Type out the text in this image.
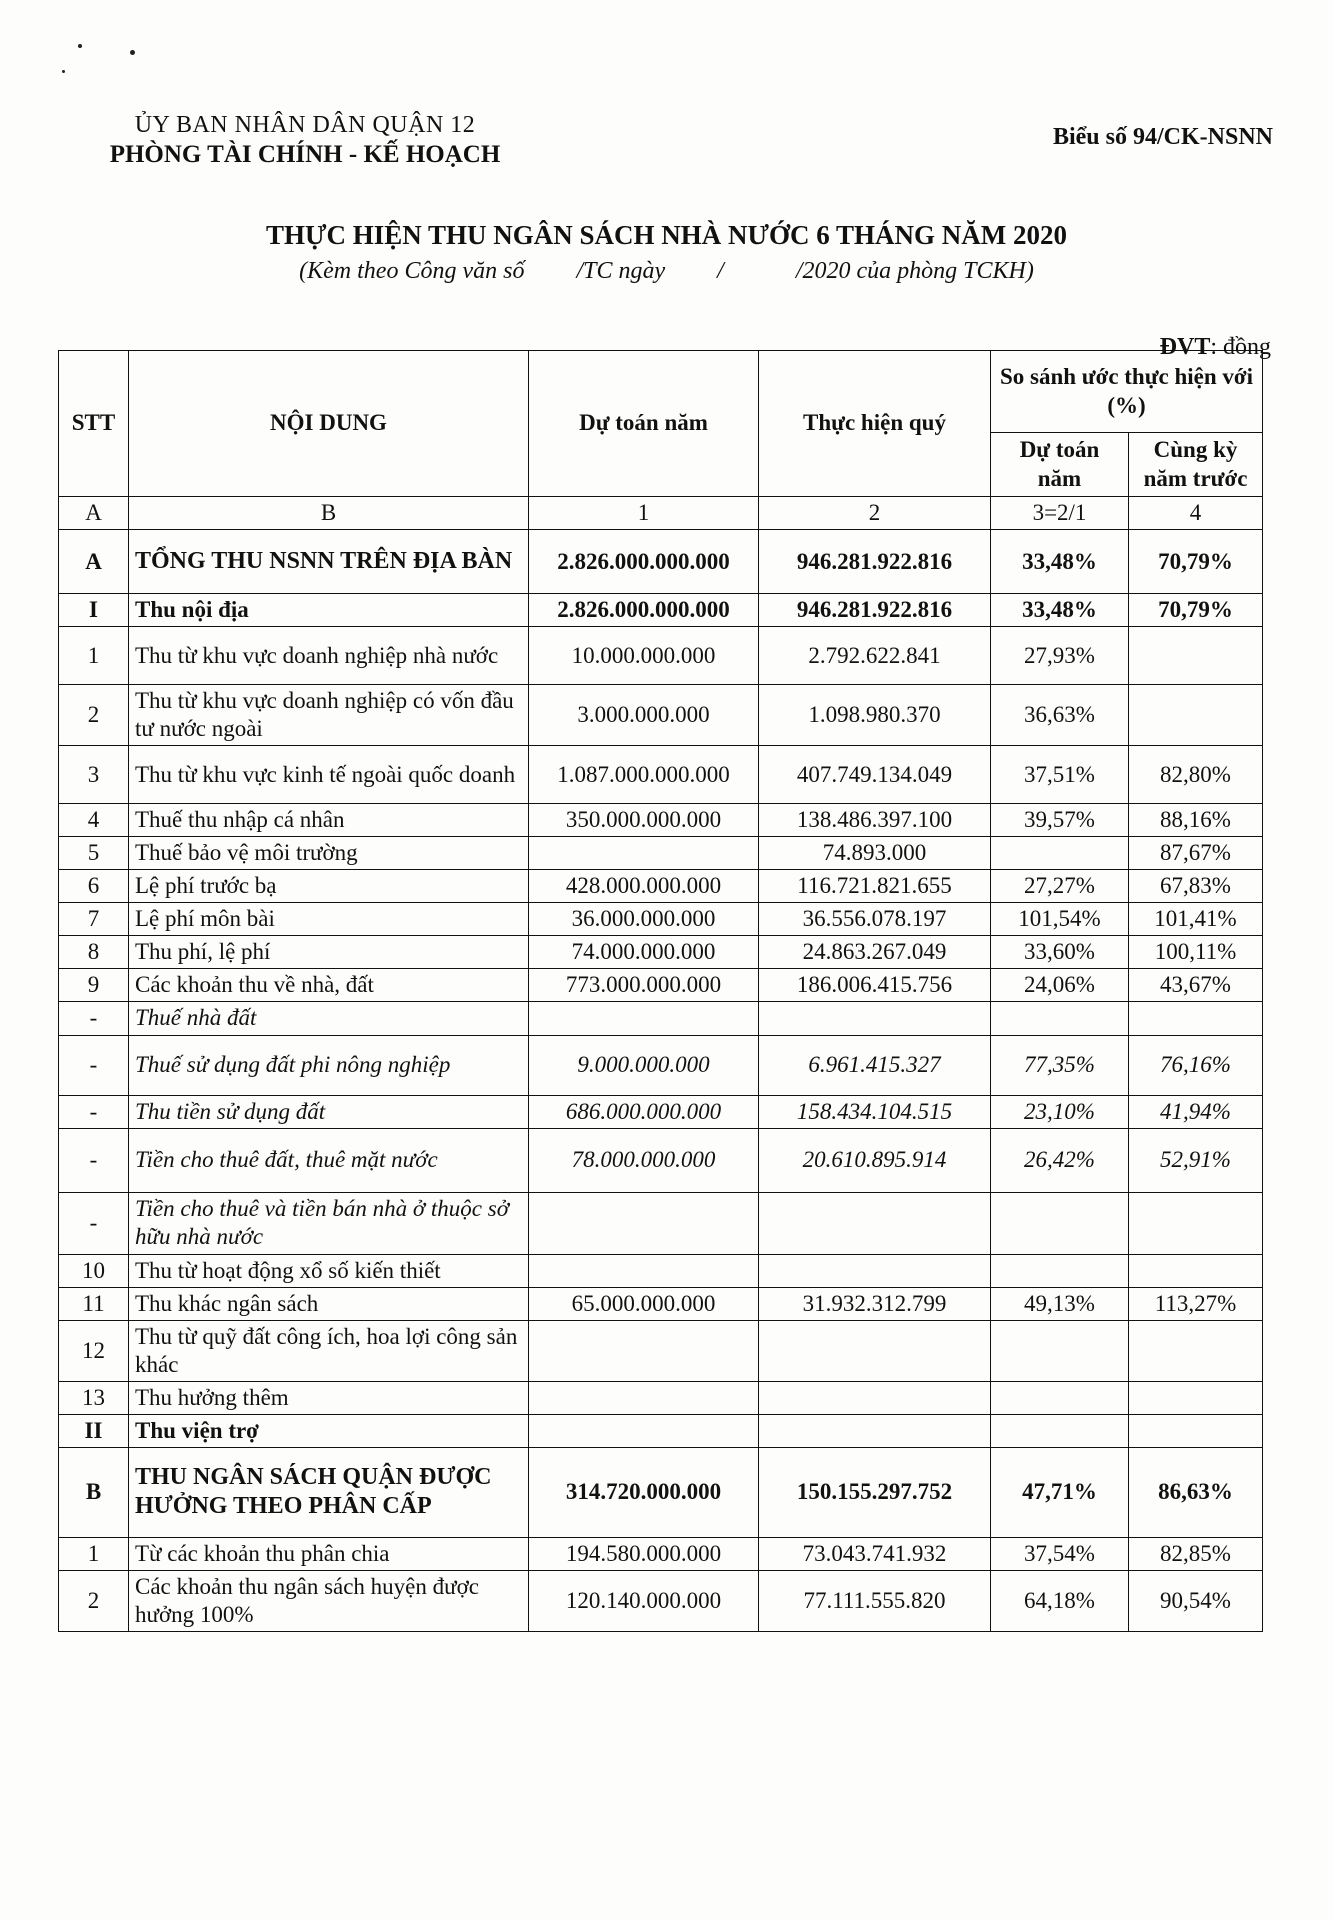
ỦY BAN NHÂN DÂN QUẬN 12
PHÒNG TÀI CHÍNH - KẾ HOẠCH
Biểu số 94/CK-NSNN
THỰC HIỆN THU NGÂN SÁCH NHÀ NƯỚC 6 THÁNG NĂM 2020
(Kèm theo Công văn số /TC ngày /	/2020 của phòng TCKH)
ĐVT: đồng
STT	NỘI DUNG	Dự toán năm	Thực hiện quý	So sánh ước thực hiện với (%)	
				Dự toán năm	Cùng kỳ năm trước
A	B	1	2	3=2/1	4
A	TỔNG THU NSNN TRÊN ĐỊA BÀN	2.826.000.000.000	946.281.922.816	33,48%	70,79%
I	Thu nội địa	2.826.000.000.000	946.281.922.816	33,48%	70,79%
1	Thu từ khu vực doanh nghiệp nhà nước	10.000.000.000	2.792.622.841	27,93%	
2	Thu từ khu vực doanh nghiệp có vốn đầu tư nước ngoài	3.000.000.000	1.098.980.370	36,63%	
3	Thu từ khu vực kinh tế ngoài quốc doanh	1.087.000.000.000	407.749.134.049	37,51%	82,80%
4	Thuế thu nhập cá nhân	350.000.000.000	138.486.397.100	39,57%	88,16%
5	Thuế bảo vệ môi trường		74.893.000		87,67%
6	Lệ phí trước bạ	428.000.000.000	116.721.821.655	27,27%	67,83%
7	Lệ phí môn bài	36.000.000.000	36.556.078.197	101,54%	101,41%
8	Thu phí, lệ phí	74.000.000.000	24.863.267.049	33,60%	100,11%
9	Các khoản thu về nhà, đất	773.000.000.000	186.006.415.756	24,06%	43,67%
-	Thuế nhà đất				
-	Thuế sử dụng đất phi nông nghiệp	9.000.000.000	6.961.415.327	77,35%	76,16%
-	Thu tiền sử dụng đất	686.000.000.000	158.434.104.515	23,10%	41,94%
-	Tiền cho thuê đất, thuê mặt nước	78.000.000.000	20.610.895.914	26,42%	52,91%
-	Tiền cho thuê và tiền bán nhà ở thuộc sở hữu nhà nước				
10	Thu từ hoạt động xổ số kiến thiết				
11	Thu khác ngân sách	65.000.000.000	31.932.312.799	49,13%	113,27%
12	Thu từ quỹ đất công ích, hoa lợi công sản khác				
13	Thu hưởng thêm				
II	Thu viện trợ				
B	THU NGÂN SÁCH QUẬN ĐƯỢC HƯỞNG THEO PHÂN CẤP	314.720.000.000	150.155.297.752	47,71%	86,63%
1	Từ các khoản thu phân chia	194.580.000.000	73.043.741.932	37,54%	82,85%
2	Các khoản thu ngân sách huyện được hưởng 100%	120.140.000.000	77.111.555.820	64,18%	90,54%
